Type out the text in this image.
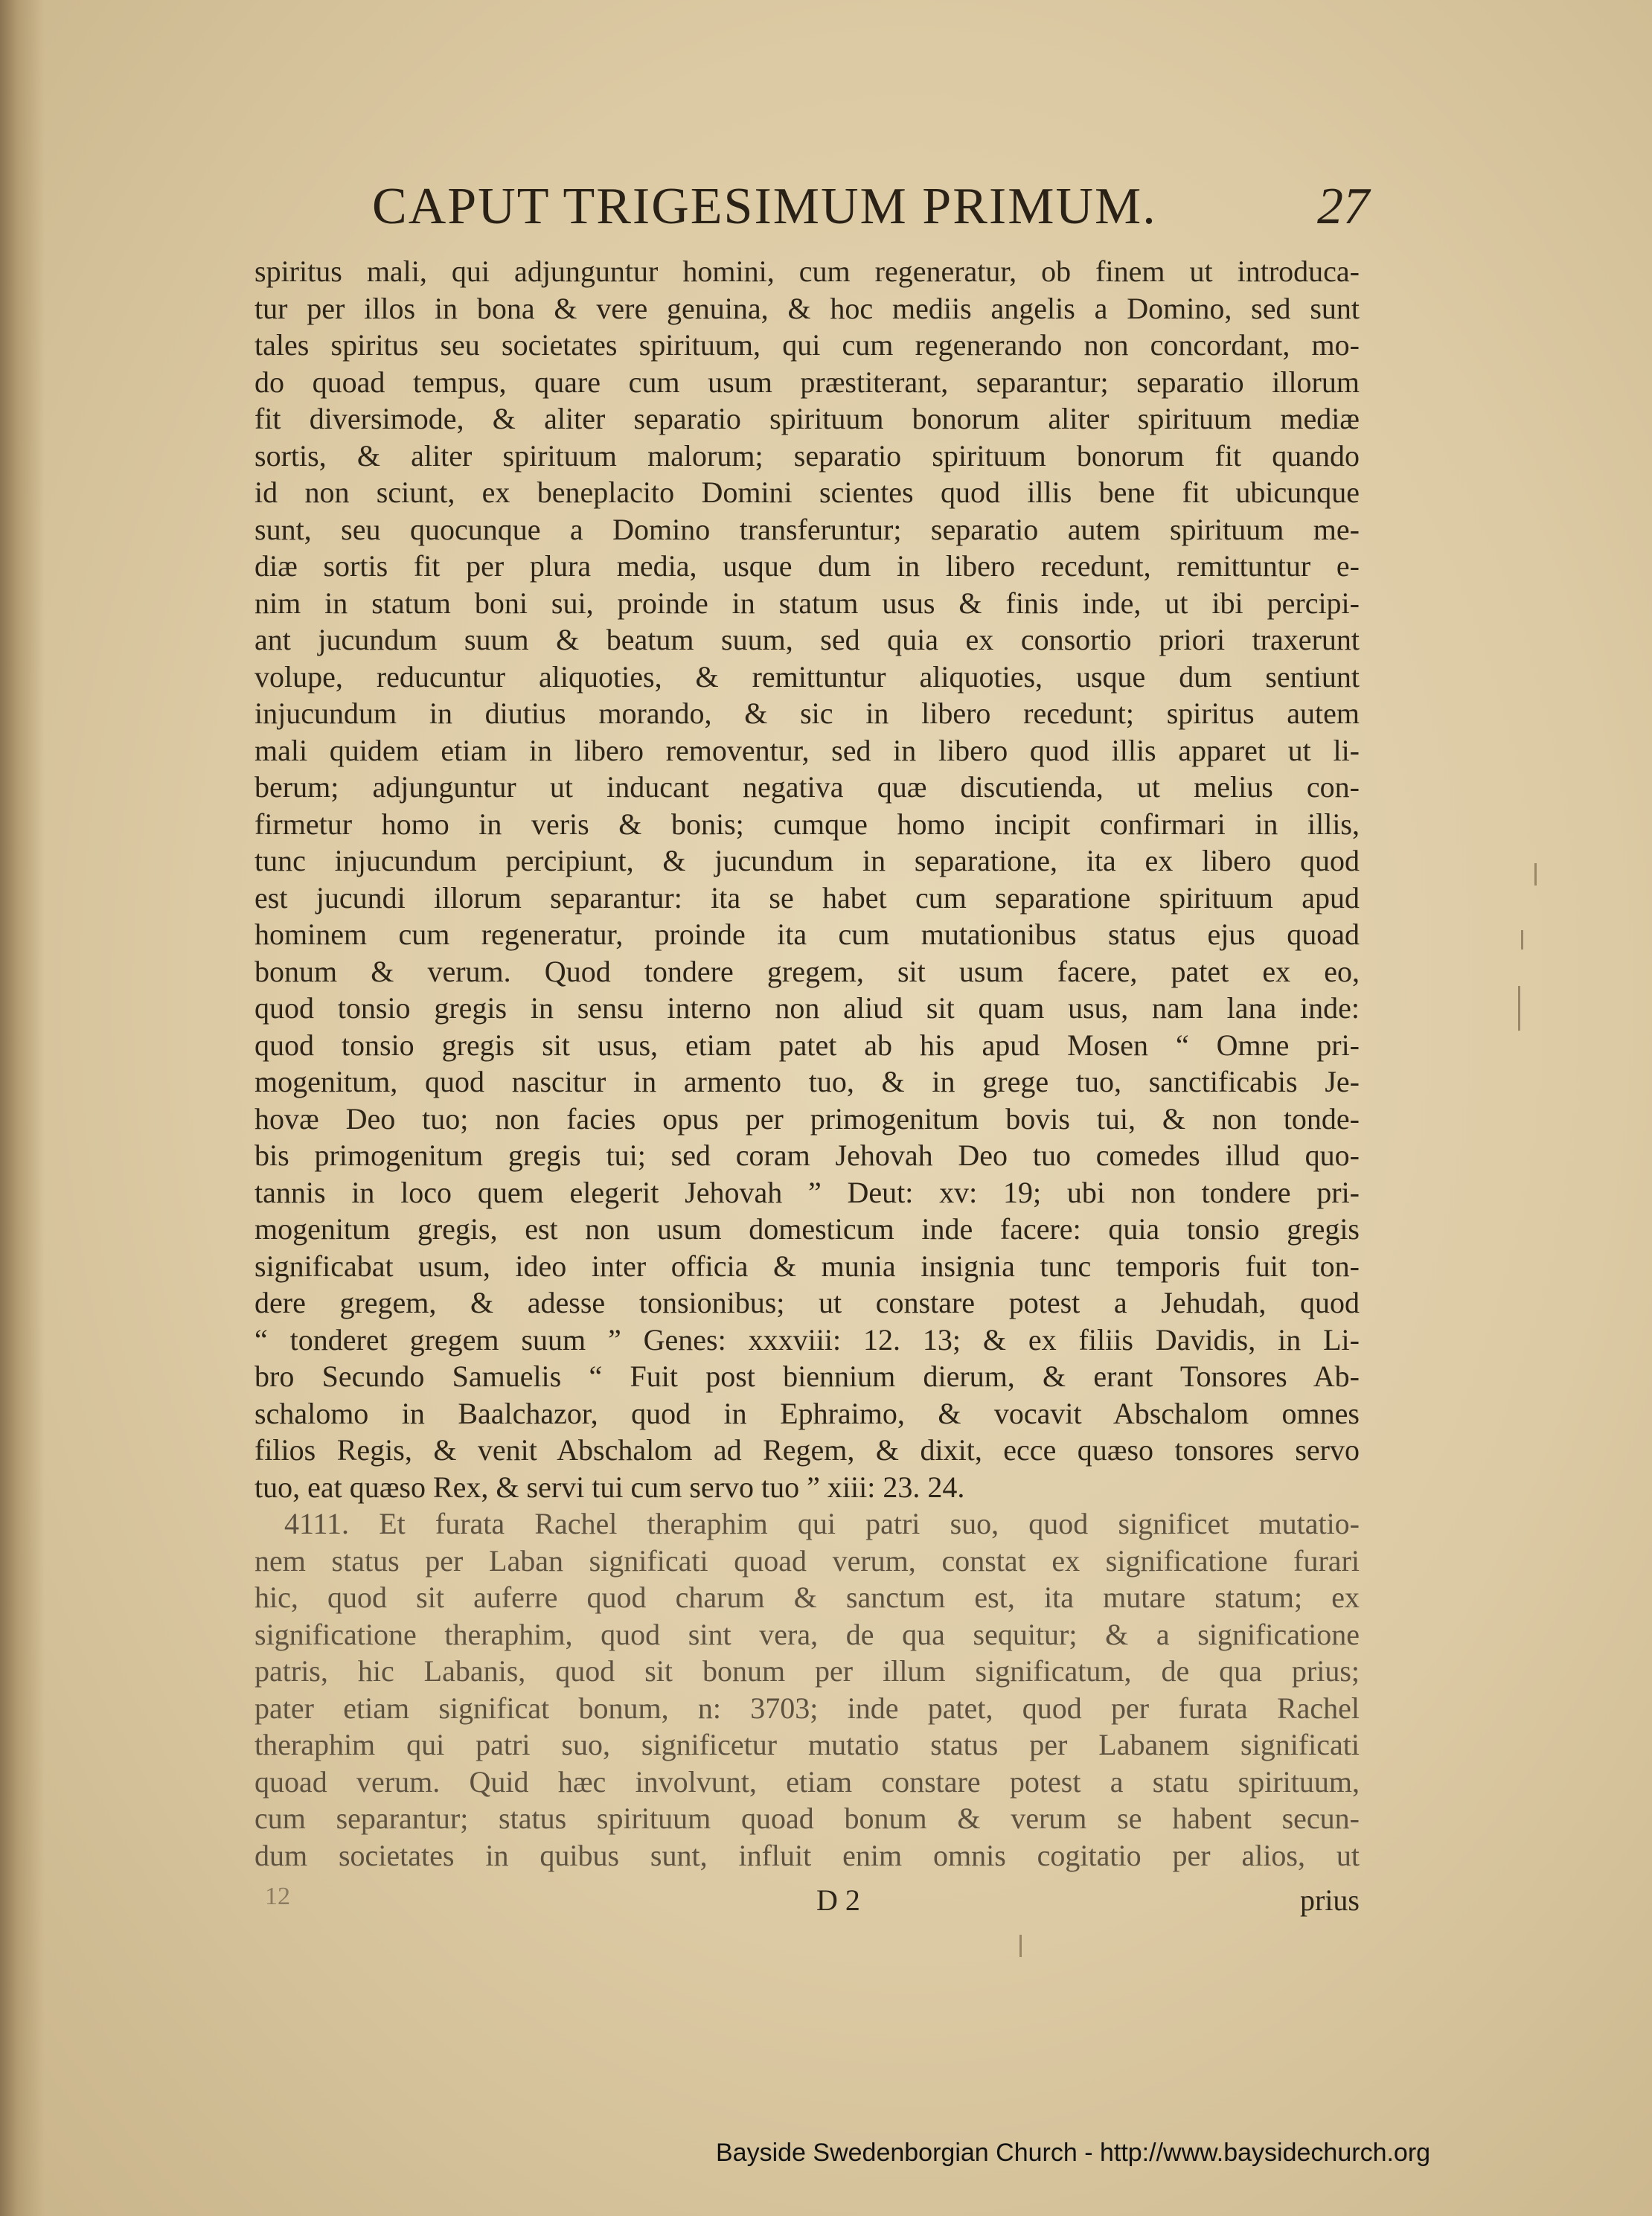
CAPUT TRIGESIMUM PRIMUM.	27
spiritus mali, qui adjunguntur homini, cum regeneratur, ob finem ut introduca-
tur per illos in bona & vere genuina, & hoc mediis angelis a Domino, sed sunt
tales spiritus seu societates spirituum, qui cum regenerando non concordant, mo-
do quoad tempus, quare cum usum præstiterant, separantur; separatio illorum
fit diversimode, & aliter separatio spirituum bonorum aliter spirituum mediæ
sortis, & aliter spirituum malorum; separatio spirituum bonorum fit quando
id non sciunt, ex beneplacito Domini scientes quod illis bene fit ubicunque
sunt, seu quocunque a Domino transferuntur; separatio autem spirituum me-
diæ sortis fit per plura media, usque dum in libero recedunt, remittuntur e-
nim in statum boni sui, proinde in statum usus & finis inde, ut ibi percipi-
ant jucundum suum & beatum suum, sed quia ex consortio priori traxerunt
volupe, reducuntur aliquoties, & remittuntur aliquoties, usque dum sentiunt
injucundum in diutius morando, & sic in libero recedunt; spiritus autem
mali quidem etiam in libero removentur, sed in libero quod illis apparet ut li-
berum; adjunguntur ut inducant negativa quæ discutienda, ut melius con-
firmetur homo in veris & bonis; cumque homo incipit confirmari in illis,
tunc injucundum percipiunt, & jucundum in separatione, ita ex libero quod
est jucundi illorum separantur: ita se habet cum separatione spirituum apud
hominem cum regeneratur, proinde ita cum mutationibus status ejus quoad
bonum & verum. Quod tondere gregem, sit usum facere, patet ex eo,
quod tonsio gregis in sensu interno non aliud sit quam usus, nam lana inde:
quod tonsio gregis sit usus, etiam patet ab his apud Mosen “ Omne pri-
mogenitum, quod nascitur in armento tuo, & in grege tuo, sanctificabis Je-
hovæ Deo tuo; non facies opus per primogenitum bovis tui, & non tonde-
bis primogenitum gregis tui; sed coram Jehovah Deo tuo comedes illud quo-
tannis in loco quem elegerit Jehovah ” Deut: xv: 19; ubi non tondere pri-
mogenitum gregis, est non usum domesticum inde facere: quia tonsio gregis
significabat usum, ideo inter officia & munia insignia tunc temporis fuit ton-
dere gregem, & adesse tonsionibus; ut constare potest a Jehudah, quod
“ tonderet gregem suum ” Genes: xxxviii: 12. 13; & ex filiis Davidis, in Li-
bro Secundo Samuelis “ Fuit post biennium dierum, & erant Tonsores Ab-
schalomo in Baalchazor, quod in Ephraimo, & vocavit Abschalom omnes
filios Regis, & venit Abschalom ad Regem, & dixit, ecce quæso tonsores servo
tuo, eat quæso Rex, & servi tui cum servo tuo ” xiii: 23. 24.
4111. Et furata Rachel theraphim qui patri suo, quod significet mutatio-
nem status per Laban significati quoad verum, constat ex significatione furari
hic, quod sit auferre quod charum & sanctum est, ita mutare statum; ex
significatione theraphim, quod sint vera, de qua sequitur; & a significatione
patris, hic Labanis, quod sit bonum per illum significatum, de qua prius;
pater etiam significat bonum, n: 3703; inde patet, quod per furata Rachel
theraphim qui patri suo, significetur mutatio status per Labanem significati
quoad verum. Quid hæc involvunt, etiam constare potest a statu spirituum,
cum separantur; status spirituum quoad bonum & verum se habent secun-
dum societates in quibus sunt, influit enim omnis cogitatio per alios, ut
12	D 2	prius
Bayside Swedenborgian Church - http://www.baysidechurch.org
